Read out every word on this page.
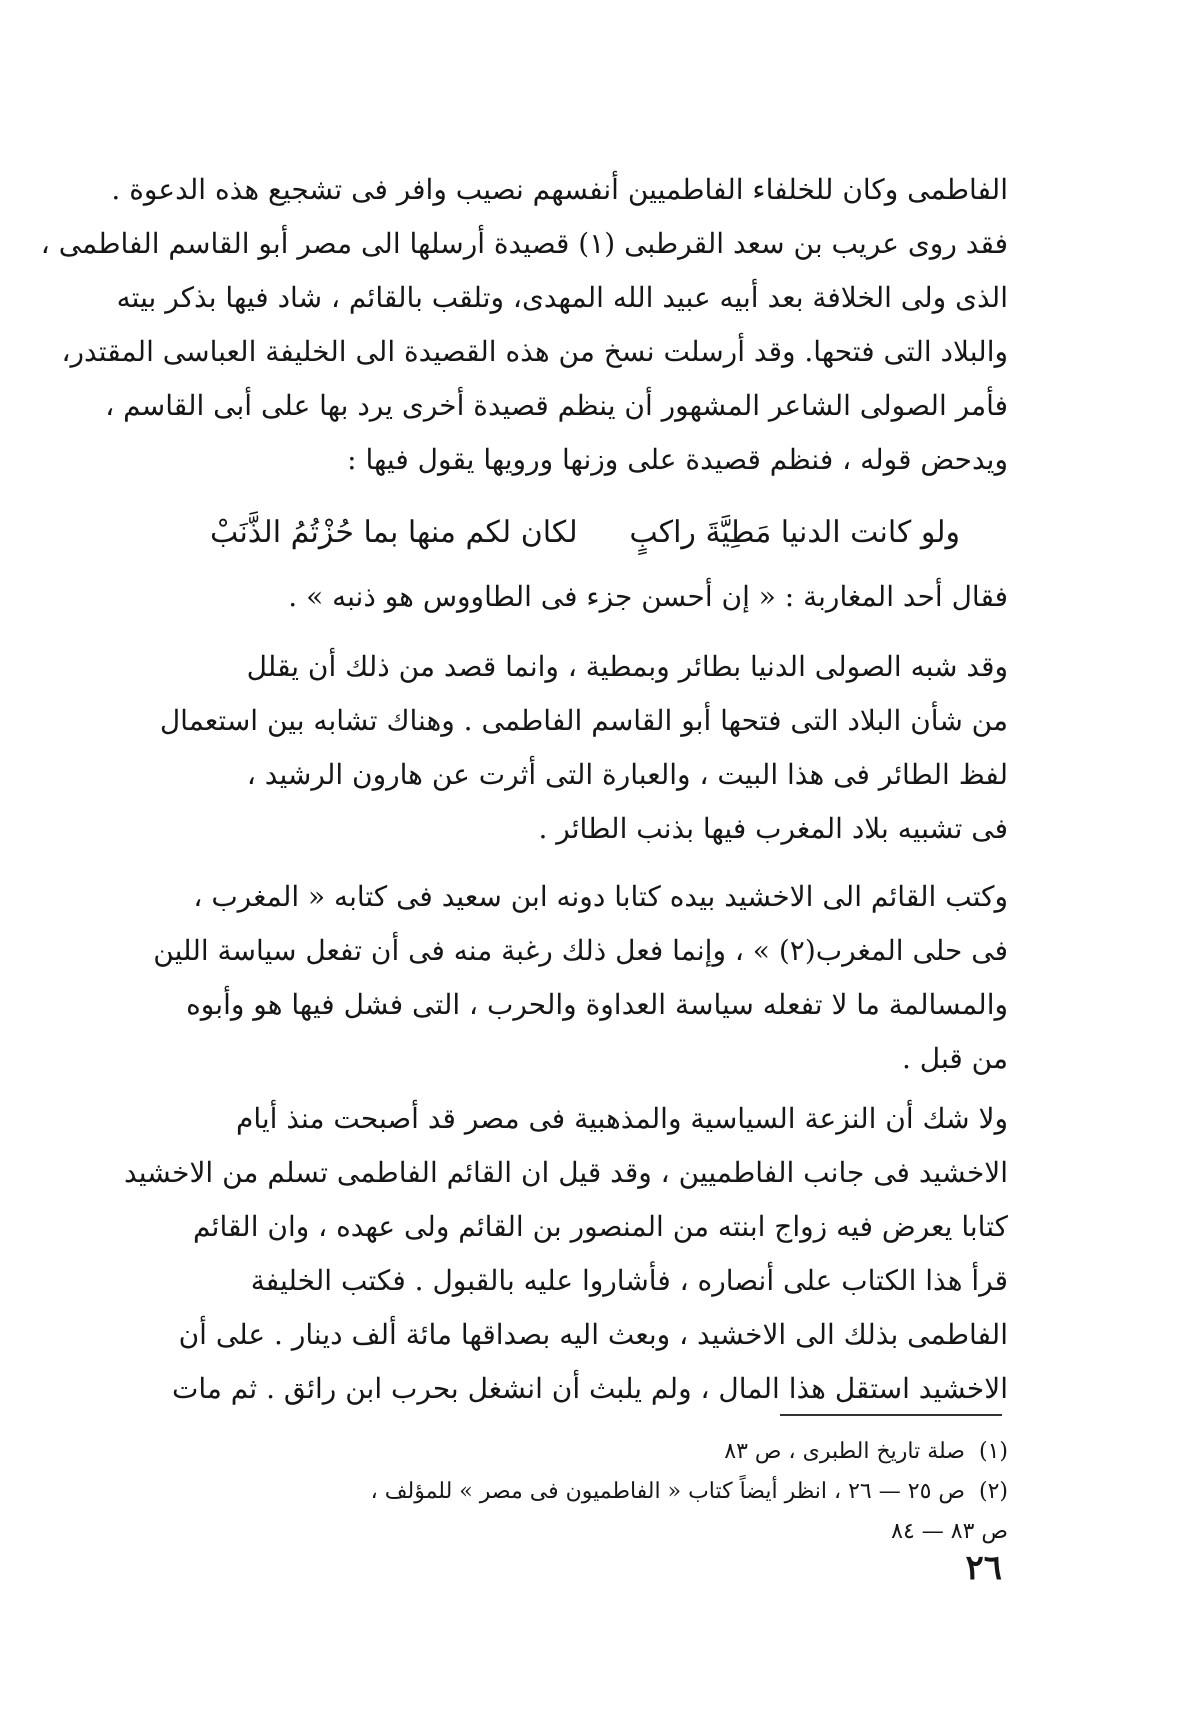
الفاطمى وكان للخلفاء الفاطميين أنفسهم نصيب وافر فى تشجيع هذه الدعوة .
فقد روى عريب بن سعد القرطبى (١) قصيدة أرسلها الى مصر أبو القاسم الفاطمى ،
الذى ولى الخلافة بعد أبيه عبيد الله المهدى، وتلقب بالقائم ، شاد فيها بذكر بيته
والبلاد التى فتحها. وقد أرسلت نسخ من هذه القصيدة الى الخليفة العباسى المقتدر،
فأمر الصولى الشاعر المشهور أن ينظم قصيدة أخرى يرد بها على أبى القاسم ،
ويدحض قوله ، فنظم قصيدة على وزنها ورويها يقول فيها :
ولو كانت الدنيا مَطِيَّةَ راكبٍ
لكان لكم منها بما حُزْتُمُ الذَّنَبْ
فقال أحد المغاربة : « إن أحسن جزء فى الطاووس هو ذنبه » .
وقد شبه الصولى الدنيا بطائر وبمطية ، وانما قصد من ذلك أن يقلل
من شأن البلاد التى فتحها أبو القاسم الفاطمى . وهناك تشابه بين استعمال
لفظ الطائر فى هذا البيت ، والعبارة التى أثرت عن هارون الرشيد ،
فى تشبيه بلاد المغرب فيها بذنب الطائر .
وكتب القائم الى الاخشيد بيده كتابا دونه ابن سعيد فى كتابه « المغرب ،
فى حلى المغرب(٢) » ، وإنما فعل ذلك رغبة منه فى أن تفعل سياسة اللين
والمسالمة ما لا تفعله سياسة العداوة والحرب ، التى فشل فيها هو وأبوه
من قبل .
ولا شك أن النزعة السياسية والمذهبية فى مصر قد أصبحت منذ أيام
الاخشيد فى جانب الفاطميين ، وقد قيل ان القائم الفاطمى تسلم من الاخشيد
كتابا يعرض فيه زواج ابنته من المنصور بن القائم ولى عهده ، وان القائم
قرأ هذا الكتاب على أنصاره ، فأشاروا عليه بالقبول . فكتب الخليفة
الفاطمى بذلك الى الاخشيد ، وبعث اليه بصداقها مائة ألف دينار . على أن
الاخشيد استقل هذا المال ، ولم يلبث أن انشغل بحرب ابن رائق . ثم مات
(١)صلة تاريخ الطبرى ، ص ٨٣
(٢)ص ٢٥ — ٢٦ ، انظر أيضاً كتاب « الفاطميون فى مصر » للمؤلف ،
ص ٨٣ — ٨٤
٢٦
